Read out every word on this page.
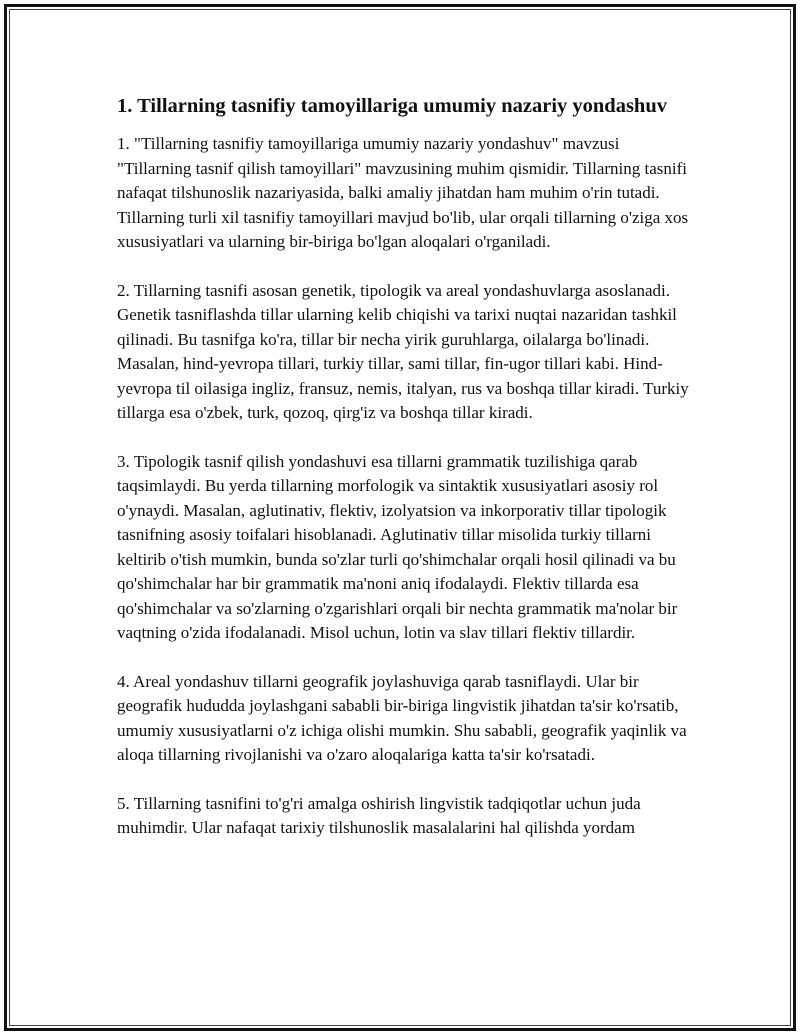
1. Tillarning tasnifiy tamoyillariga umumiy nazariy yondashuv

1. "Tillarning tasnifiy tamoyillariga umumiy nazariy yondashuv" mavzusi "Tillarning tasnif qilish tamoyillari" mavzusining muhim qismidir. Tillarning tasnifi nafaqat tilshunoslik nazariyasida, balki amaliy jihatdan ham muhim o'rin tutadi. Tillarning turli xil tasnifiy tamoyillari mavjud bo'lib, ular orqali tillarning o'ziga xos xususiyatlari va ularning bir-biriga bo'lgan aloqalari o'rganiladi.

2. Tillarning tasnifi asosan genetik, tipologik va areal yondashuvlarga asoslanadi. Genetik tasniflashda tillar ularning kelib chiqishi va tarixi nuqtai nazaridan tashkil qilinadi. Bu tasnifga ko'ra, tillar bir necha yirik guruhlarga, oilalarga bo'linadi. Masalan, hind-yevropa tillari, turkiy tillar, sami tillar, fin-ugor tillari kabi. Hind-yevropa til oilasiga ingliz, fransuz, nemis, italyan, rus va boshqa tillar kiradi. Turkiy tillarga esa o'zbek, turk, qozoq, qirg'iz va boshqa tillar kiradi.

3. Tipologik tasnif qilish yondashuvi esa tillarni grammatik tuzilishiga qarab taqsimlaydi. Bu yerda tillarning morfologik va sintaktik xususiyatlari asosiy rol o'ynaydi. Masalan, aglutinativ, flektiv, izolyatsion va inkorporativ tillar tipologik tasnifning asosiy toifalari hisoblanadi. Aglutinativ tillar misolida turkiy tillarni keltirib o'tish mumkin, bunda so'zlar turli qo'shimchalar orqali hosil qilinadi va bu qo'shimchalar har bir grammatik ma'noni aniq ifodalaydi. Flektiv tillarda esa qo'shimchalar va so'zlarning o'zgarishlari orqali bir nechta grammatik ma'nolar bir vaqtning o'zida ifodalanadi. Misol uchun, lotin va slav tillari flektiv tillardir.

4. Areal yondashuv tillarni geografik joylashuviga qarab tasniflaydi. Ular bir geografik hududda joylashgani sababli bir-biriga lingvistik jihatdan ta'sir ko'rsatib, umumiy xususiyatlarni o'z ichiga olishi mumkin. Shu sababli, geografik yaqinlik va aloqa tillarning rivojlanishi va o'zaro aloqalariga katta ta'sir ko'rsatadi.

5. Tillarning tasnifini to'g'ri amalga oshirish lingvistik tadqiqotlar uchun juda muhimdir. Ular nafaqat tarixiy tilshunoslik masalalarini hal qilishda yordam
